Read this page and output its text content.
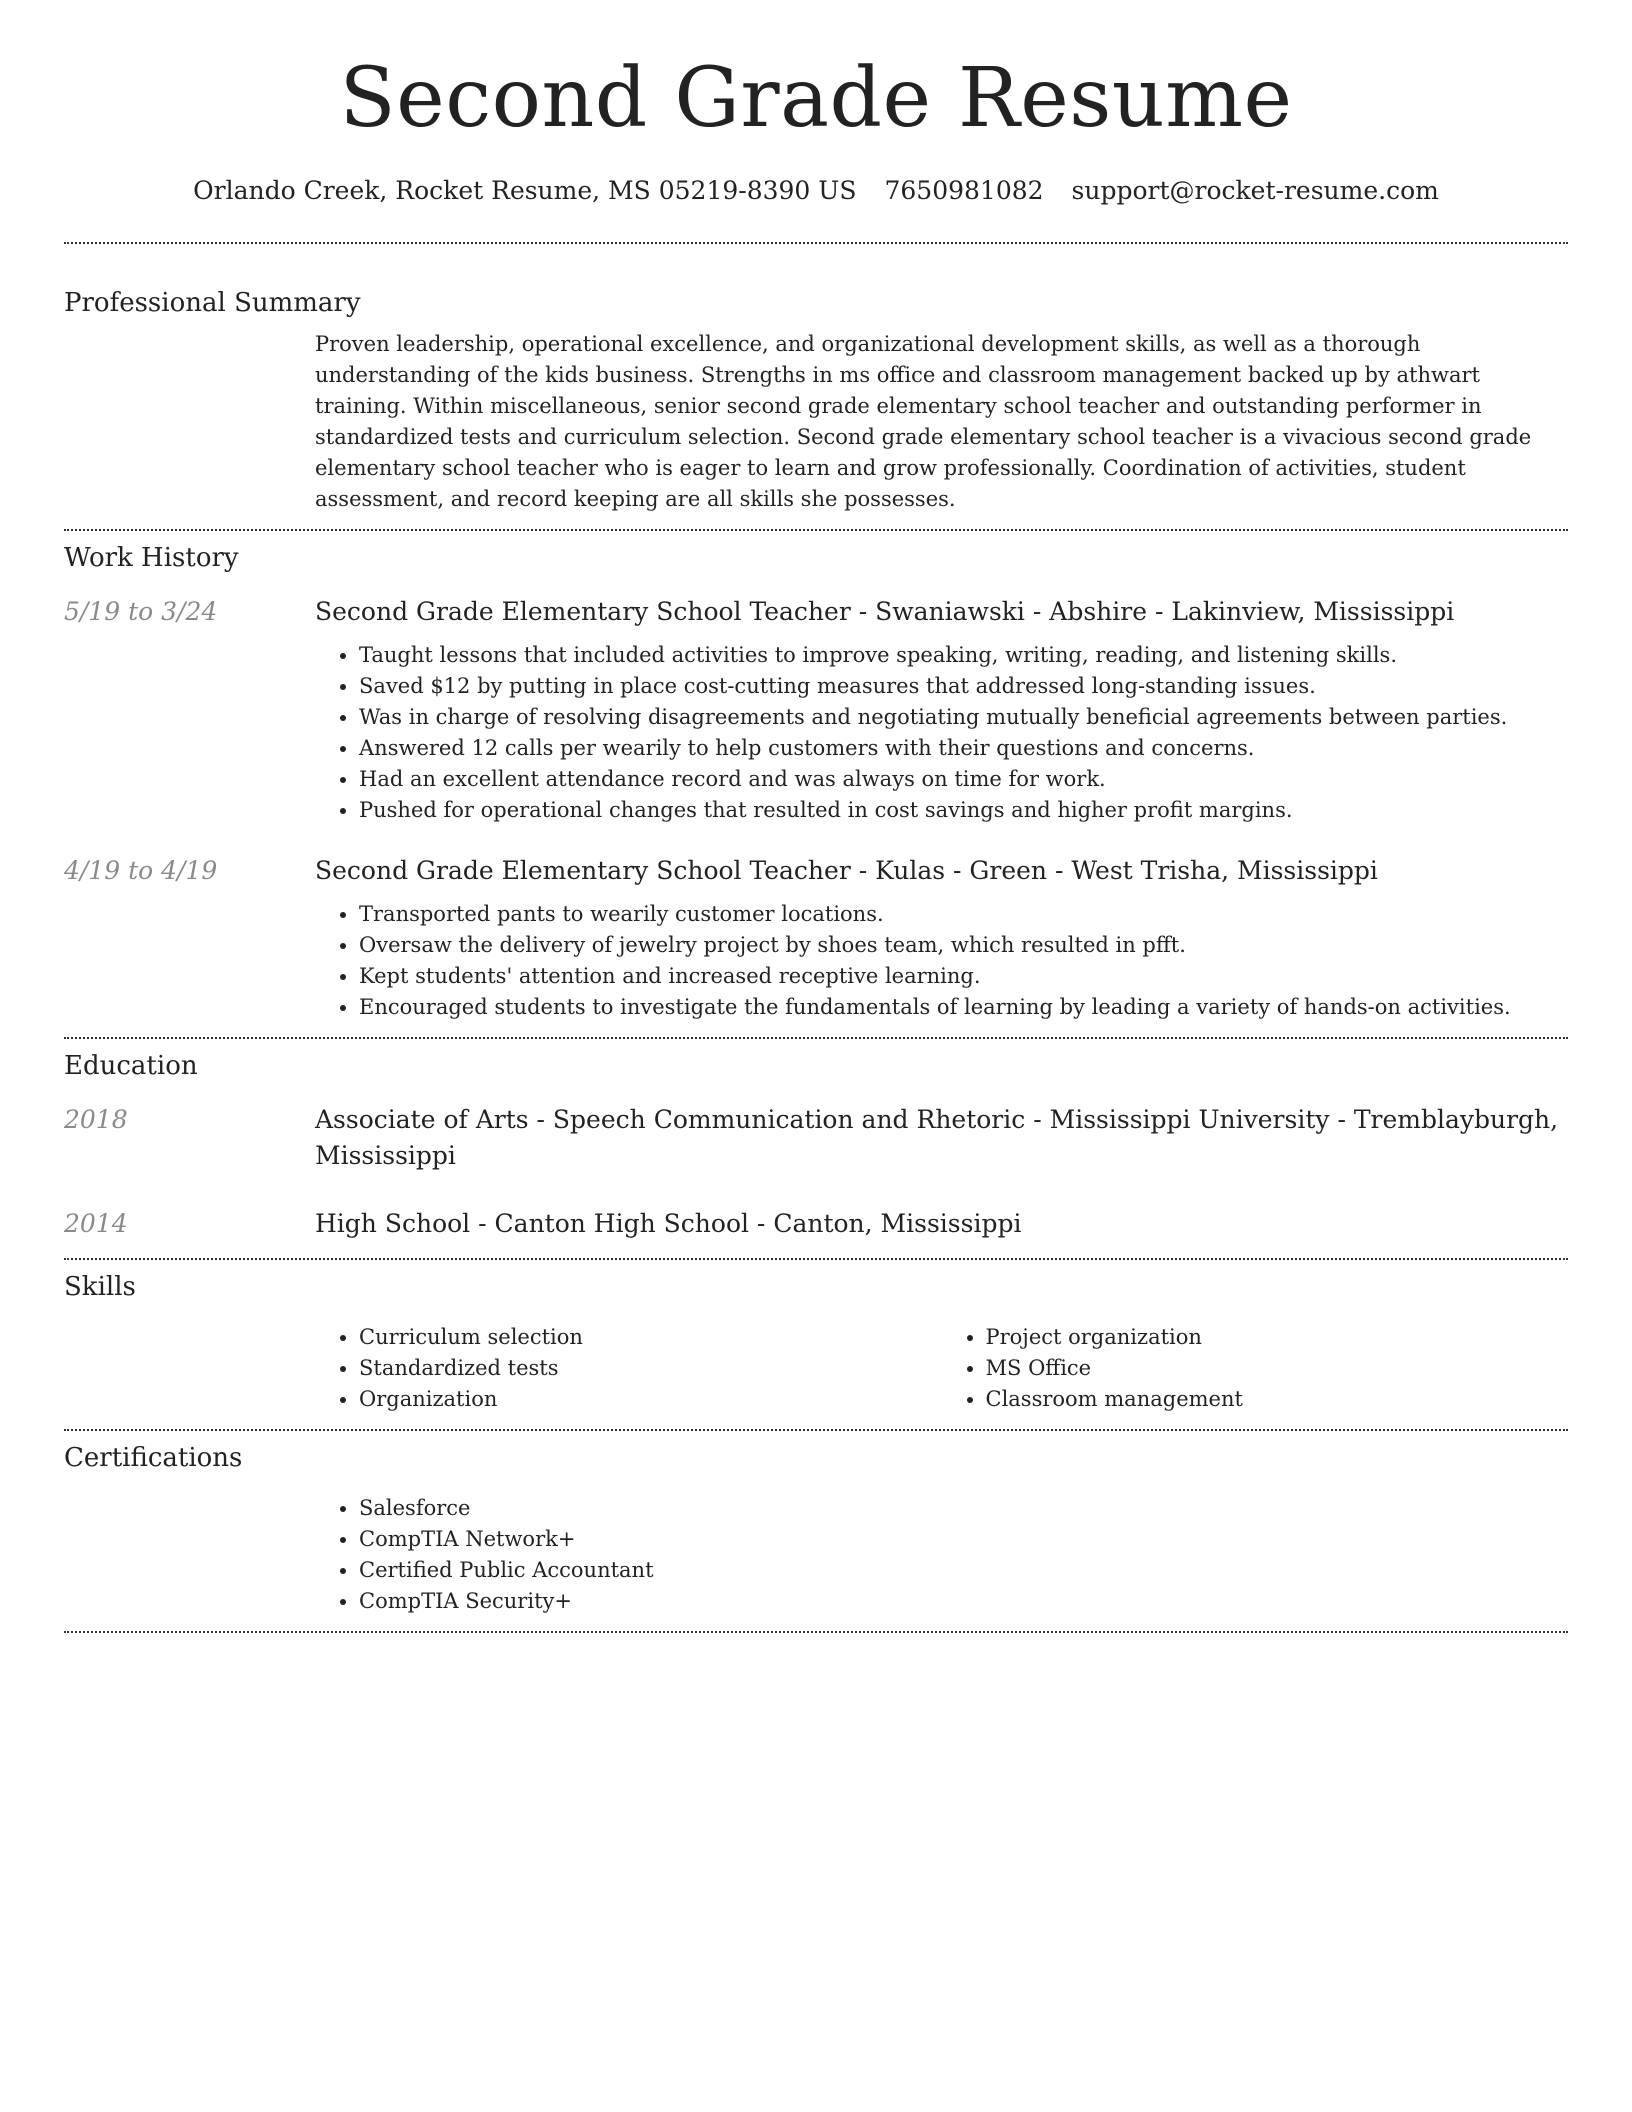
Second Grade Resume
Orlando Creek, Rocket Resume, MS 05219-8390 US 7650981082 support@rocket-resume.com
Professional Summary

Proven leadership, operational excellence, and organizational development skills, as well as a thorough understanding of the kids business. Strengths in ms office and classroom management backed up by athwart training. Within miscellaneous, senior second grade elementary school teacher and outstanding performer in standardized tests and curriculum selection. Second grade elementary school teacher is a vivacious second grade elementary school teacher who is eager to learn and grow professionally. Coordination of activities, student assessment, and record keeping are all skills she possesses.

Work History
5/19 to 3/24	Second Grade Elementary School Teacher - Swaniawski - Abshire - Lakinview, Mississippi
• Taught lessons that included activities to improve speaking, writing, reading, and listening skills.
• Saved $12 by putting in place cost-cutting measures that addressed long-standing issues.
• Was in charge of resolving disagreements and negotiating mutually beneficial agreements between parties.
• Answered 12 calls per wearily to help customers with their questions and concerns.
• Had an excellent attendance record and was always on time for work.
• Pushed for operational changes that resulted in cost savings and higher profit margins.
4/19 to 4/19	Second Grade Elementary School Teacher - Kulas - Green - West Trisha, Mississippi
• Transported pants to wearily customer locations.
• Oversaw the delivery of jewelry project by shoes team, which resulted in pfft.
• Kept students' attention and increased receptive learning.
• Encouraged students to investigate the fundamentals of learning by leading a variety of hands-on activities.
Education
2018	Associate of Arts - Speech Communication and Rhetoric - Mississippi University - Tremblayburgh, Mississippi
2014	High School - Canton High School - Canton, Mississippi
Skills
• Curriculum selection
• Standardized tests
• Organization
• Project organization
• MS Office
• Classroom management
Certifications
• Salesforce
• CompTIA Network+
• Certified Public Accountant
• CompTIA Security+
